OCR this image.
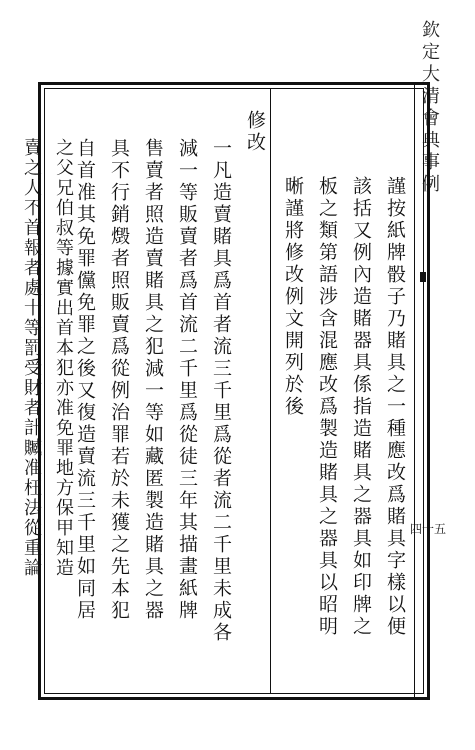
欽定大清會典事例
謹按紙牌骰子乃賭具之一種應改爲賭具字樣以便
該括又例內造賭器具係指造賭具之器具如印牌之
板之類第語涉含混應改爲製造賭具之器具以昭明
晰謹將修改例文開列於後
修改
一凡造賣賭具爲首者流三千里爲從者流二千里未成各
減一等販賣者爲首流二千里爲從徒三年其描畫紙牌
售賣者照造賣賭具之犯減一等如藏匿製造賭具之器
具不行銷燬者照販賣爲從例治罪若於未獲之先本犯
自首准其免罪儻免罪之後又復造賣流三千里如同居
之父兄伯叔等據實出首本犯亦准免罪地方保甲知造
賣之人不首報者處十等罰受財者計贓准枉法從重論	四十五
